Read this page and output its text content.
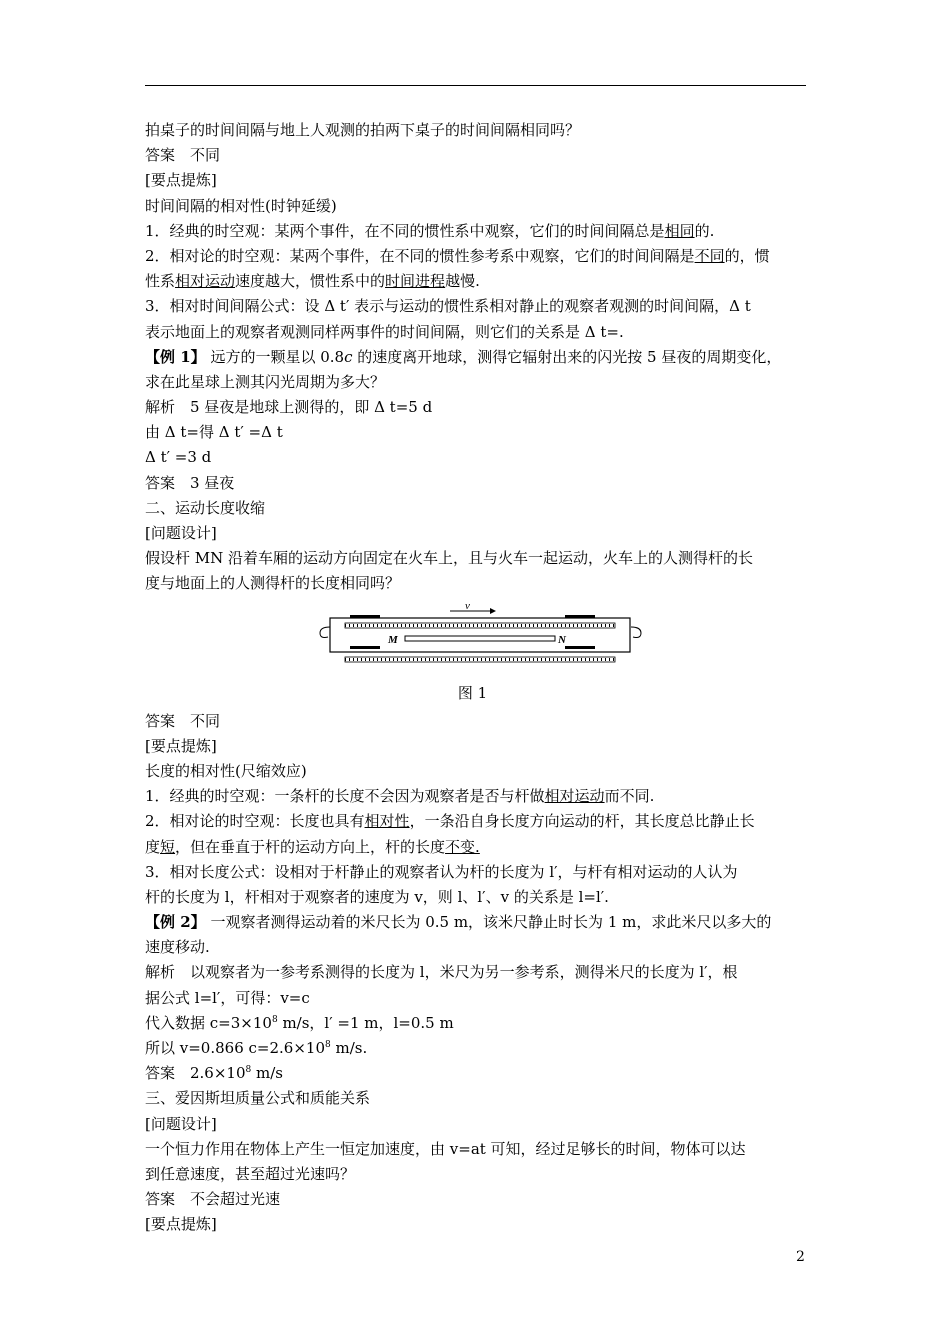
拍桌子的时间间隔与地上人观测的拍两下桌子的时间间隔相同吗？
答案　不同
[要点提炼]
时间间隔的相对性(时钟延缓)
1．经典的时空观：某两个事件，在不同的惯性系中观察，它们的时间间隔总是相同的.
2．相对论的时空观：某两个事件，在不同的惯性参考系中观察，它们的时间间隔是不同的，惯
性系相对运动速度越大，惯性系中的时间进程越慢.
3．相对时间间隔公式：设 Δ t′ 表示与运动的惯性系相对静止的观察者观测的时间间隔，Δ t
表示地面上的观察者观测同样两事件的时间间隔，则它们的关系是 Δ t=.
【例 1】 远方的一颗星以 0.8c 的速度离开地球，测得它辐射出来的闪光按 5 昼夜的周期变化，
求在此星球上测其闪光周期为多大？
解析　5 昼夜是地球上测得的，即 Δ t=5 d
由 Δ t=得 Δ t′ =Δ t
Δ t′ =3 d
答案　3 昼夜
二、运动长度收缩
[问题设计]
假设杆 MN 沿着车厢的运动方向固定在火车上，且与火车一起运动，火车上的人测得杆的长
度与地面上的人测得杆的长度相同吗？
v
M	N
图 1
答案　不同
[要点提炼]
长度的相对性(尺缩效应)
1．经典的时空观：一条杆的长度不会因为观察者是否与杆做相对运动而不同.
2．相对论的时空观：长度也具有相对性，一条沿自身长度方向运动的杆，其长度总比静止长
度短，但在垂直于杆的运动方向上，杆的长度不变.
3．相对长度公式：设相对于杆静止的观察者认为杆的长度为 l′，与杆有相对运动的人认为
杆的长度为 l，杆相对于观察者的速度为 v，则 l、l′、v 的关系是 l=l′.
【例 2】 一观察者测得运动着的米尺长为 0.5 m，该米尺静止时长为 1 m，求此米尺以多大的
速度移动.
解析　以观察者为一参考系测得的长度为 l，米尺为另一参考系，测得米尺的长度为 l′，根
据公式 l=l′，可得：v=c
代入数据 $c=3\times 10^8$ m/s，l′ =1 m，l=0.5 m
所以 v=0.866 $c=2.6\times 10^8$ m/s.
答案　$2.6\times 10^8$ m/s
三、爱因斯坦质量公式和质能关系
[问题设计]
一个恒力作用在物体上产生一恒定加速度，由 v=at 可知，经过足够长的时间，物体可以达
到任意速度，甚至超过光速吗？
答案　不会超过光速
[要点提炼]
2
